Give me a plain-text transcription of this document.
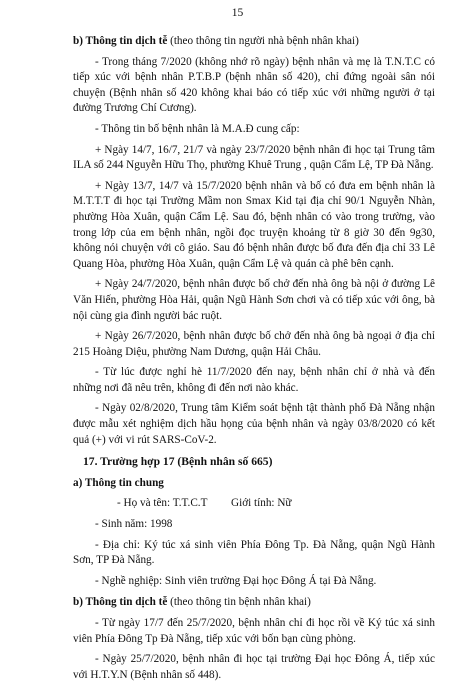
15

b) Thông tin dịch tễ (theo thông tin người nhà bệnh nhân khai)

- Trong tháng 7/2020 (không nhớ rõ ngày) bệnh nhân và mẹ là T.N.T.C có tiếp xúc với bệnh nhân P.T.B.P (bệnh nhân số 420), chỉ đứng ngoài sân nói chuyện (Bệnh nhân số 420 không khai báo có tiếp xúc với những người ở tại đường Trương Chí Cương).

- Thông tin bố bệnh nhân là M.A.Đ cung cấp:

+ Ngày 14/7, 16/7, 21/7 và ngày 23/7/2020 bệnh nhân đi học tại Trung tâm ILA số 244 Nguyễn Hữu Thọ, phường Khuê Trung , quận Cẩm Lệ, TP Đà Nẵng.

+ Ngày 13/7, 14/7 và 15/7/2020 bệnh nhân và bố có đưa em bệnh nhân là M.T.T.T đi học tại Trường Mầm non Smax Kid tại địa chỉ 90/1 Nguyễn Nhàn, phường Hòa Xuân, quận Cẩm Lệ. Sau đó, bệnh nhân có vào trong trường, vào trong lớp của em bệnh nhân, ngồi đọc truyện khoảng từ 8 giờ 30 đến 9g30, không nói chuyện với cô giáo. Sau đó bệnh nhân được bố đưa đến địa chỉ 33 Lê Quang Hòa, phường Hòa Xuân, quận Cẩm Lệ và quán cà phê bên cạnh.

+ Ngày 24/7/2020, bệnh nhân được bố chở đến nhà ông bà nội ở đường Lê Văn Hiến, phường Hòa Hải, quận Ngũ Hành Sơn chơi và có tiếp xúc với ông, bà nội cùng gia đình người bác ruột.

+ Ngày 26/7/2020, bệnh nhân được bố chở đến nhà ông bà ngoại ở địa chỉ 215 Hoàng Diệu, phường Nam Dương, quận Hải Châu.

- Từ lúc được nghỉ hè 11/7/2020 đến nay, bệnh nhân chỉ ở nhà và đến những nơi đã nêu trên, không đi đến nơi nào khác.

- Ngày 02/8/2020, Trung tâm Kiểm soát bệnh tật thành phố Đà Nẵng nhận được mẫu xét nghiệm dịch hầu họng của bệnh nhân và ngày 03/8/2020 có kết quả (+) với vi rút SARS-CoV-2.

17. Trường hợp 17 (Bệnh nhân số 665)

a) Thông tin chung

- Họ và tên: T.T.C.T Giới tính: Nữ

- Sinh năm: 1998

- Địa chỉ: Ký túc xá sinh viên Phía Đông Tp. Đà Nẵng, quận Ngũ Hành Sơn, TP Đà Nẵng.

- Nghề nghiệp: Sinh viên trường Đại học Đông Á tại Đà Nẵng.

b) Thông tin dịch tễ (theo thông tin bệnh nhân khai)

- Từ ngày 17/7 đến 25/7/2020, bệnh nhân chỉ đi học rồi về Ký túc xá sinh viên Phía Đông Tp Đà Nẵng, tiếp xúc với bốn bạn cùng phòng.

- Ngày 25/7/2020, bệnh nhân đi học tại trường Đại học Đông Á, tiếp xúc với H.T.Y.N (Bệnh nhân số 448).
